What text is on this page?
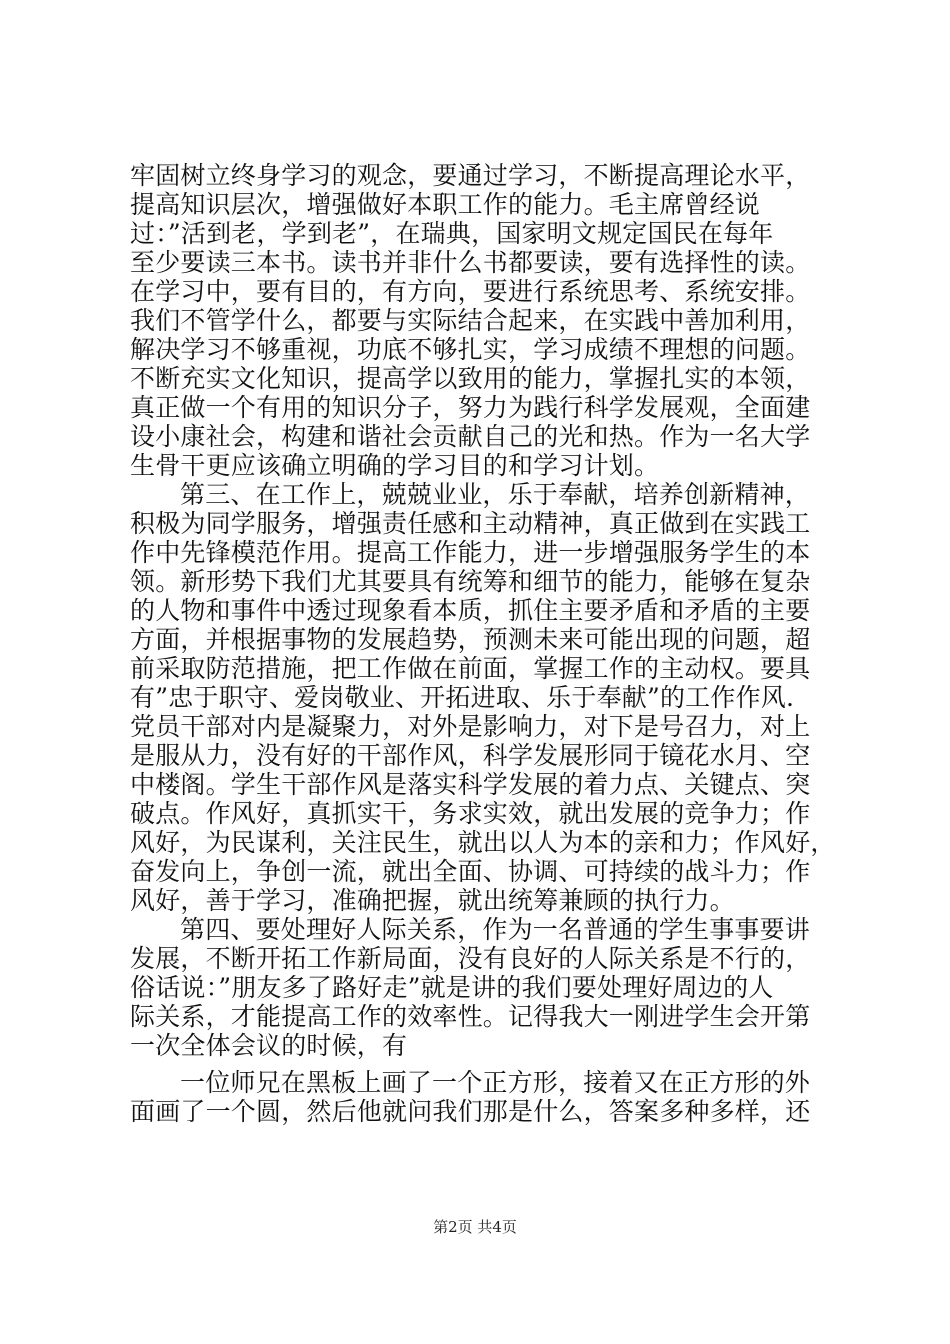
牢固树立终身学习的观念，要通过学习，不断提高理论水平，
提高知识层次，增强做好本职工作的能力。毛主席曾经说
过：”活到老，学到老”，在瑞典，国家明文规定国民在每年
至少要读三本书。读书并非什么书都要读，要有选择性的读。
在学习中，要有目的，有方向，要进行系统思考、系统安排。
我们不管学什么，都要与实际结合起来，在实践中善加利用，
解决学习不够重视，功底不够扎实，学习成绩不理想的问题。
不断充实文化知识，提高学以致用的能力，掌握扎实的本领，
真正做一个有用的知识分子，努力为践行科学发展观，全面建
设小康社会，构建和谐社会贡献自己的光和热。作为一名大学
生骨干更应该确立明确的学习目的和学习计划。
第三、在工作上，兢兢业业，乐于奉献，培养创新精神，
积极为同学服务，增强责任感和主动精神，真正做到在实践工
作中先锋模范作用。提高工作能力，进一步增强服务学生的本
领。新形势下我们尤其要具有统筹和细节的能力，能够在复杂
的人物和事件中透过现象看本质，抓住主要矛盾和矛盾的主要
方面，并根据事物的发展趋势，预测未来可能出现的问题，超
前采取防范措施，把工作做在前面，掌握工作的主动权。要具
有”忠于职守、爱岗敬业、开拓进取、乐于奉献”的工作作风.
党员干部对内是凝聚力，对外是影响力，对下是号召力，对上
是服从力，没有好的干部作风，科学发展形同于镜花水月、空
中楼阁。学生干部作风是落实科学发展的着力点、关键点、突
破点。作风好，真抓实干，务求实效，就出发展的竞争力；作
风好，为民谋利，关注民生，就出以人为本的亲和力；作风好，
奋发向上，争创一流，就出全面、协调、可持续的战斗力；作
风好，善于学习，准确把握，就出统筹兼顾的执行力。
第四、要处理好人际关系，作为一名普通的学生事事要讲
发展，不断开拓工作新局面，没有良好的人际关系是不行的，
俗话说：”朋友多了路好走”就是讲的我们要处理好周边的人
际关系，才能提高工作的效率性。记得我大一刚进学生会开第
一次全体会议的时候，有
一位师兄在黑板上画了一个正方形，接着又在正方形的外
面画了一个圆，然后他就问我们那是什么，答案多种多样，还
第2页 共4页
